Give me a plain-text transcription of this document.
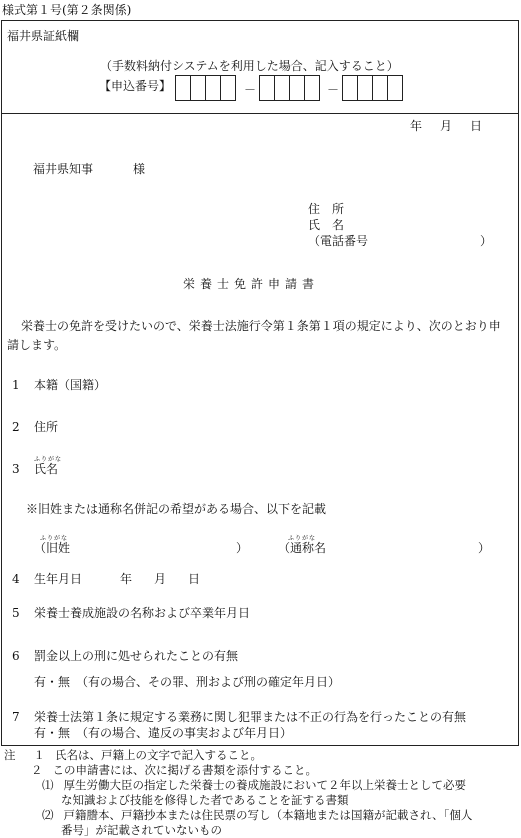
様式第１号(第２条関係)
福井県証紙欄
（手数料納付システムを利用した場合、記入すること）
【申込番号】	－	－
年 月 日
福井県知事	様
住　所
氏　名
（電話番号	）
栄養士免許申請書
栄養士の免許を受けたいので、栄養士法施行令第１条第１項の規定により、次のとおり申請します。
1 本籍（国籍）
2 住所
3
ふりがな
氏名
※旧姓または通称名併記の希望がある場合、以下を記載
ふりがな
（旧姓	）
ふりがな
（通称名	）
4 生年月日	年 月 日
5 栄養士養成施設の名称および卒業年月日
6 罰金以上の刑に処せられたことの有無
有・無　（有の場合、その罪、刑および刑の確定年月日）
7 栄養士法第１条に規定する業務に関し犯罪または不正の行為を行ったことの有無
有・無　（有の場合、違反の事実および年月日）
注 １ 氏名は、戸籍上の文字で記入すること。
２ この申請書には、次に掲げる書類を添付すること。
⑴ 厚生労働大臣の指定した栄養士の養成施設において２年以上栄養士として必要
な知識および技能を修得した者であることを証する書類
⑵ 戸籍謄本、戸籍抄本または住民票の写し（本籍地または国籍が記載され、「個人
番号」が記載されていないもの
